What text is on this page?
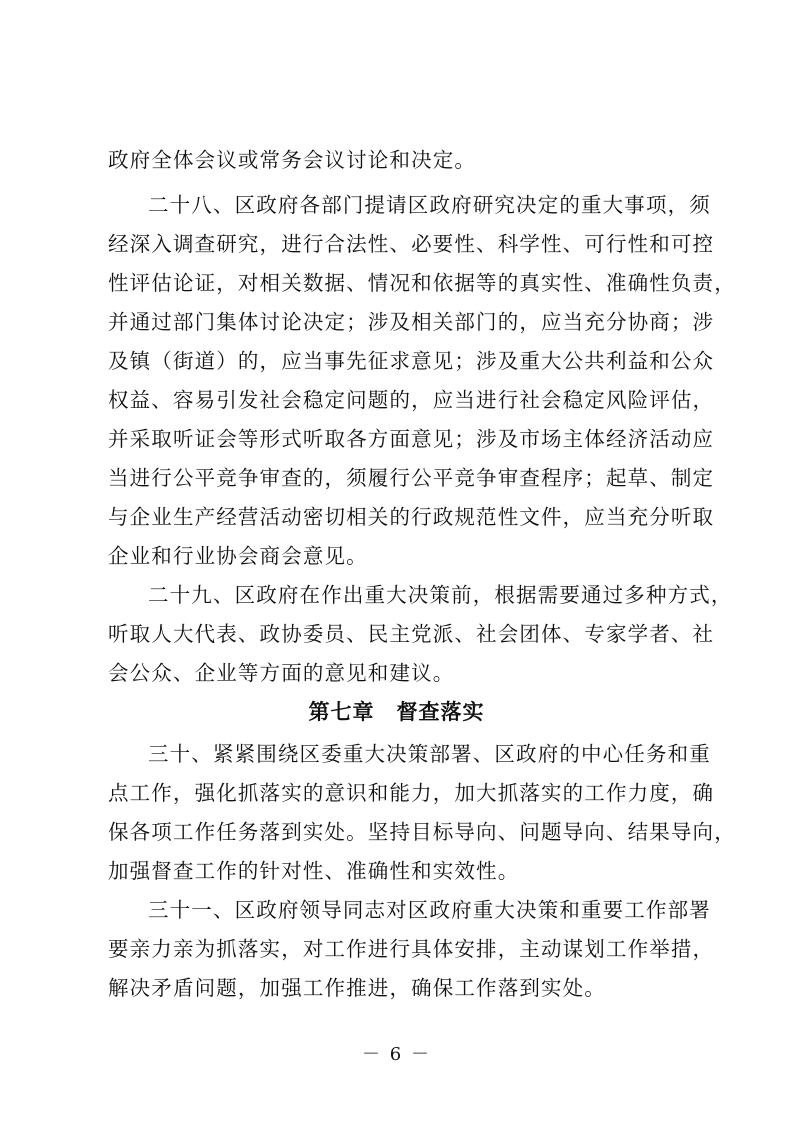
政府全体会议或常务会议讨论和决定。
二十八、区政府各部门提请区政府研究决定的重大事项，须
经深入调查研究，进行合法性、必要性、科学性、可行性和可控
性评估论证，对相关数据、情况和依据等的真实性、准确性负责，
并通过部门集体讨论决定；涉及相关部门的，应当充分协商；涉
及镇（街道）的，应当事先征求意见；涉及重大公共利益和公众
权益、容易引发社会稳定问题的，应当进行社会稳定风险评估，
并采取听证会等形式听取各方面意见；涉及市场主体经济活动应
当进行公平竞争审查的，须履行公平竞争审查程序；起草、制定
与企业生产经营活动密切相关的行政规范性文件，应当充分听取
企业和行业协会商会意见。
二十九、区政府在作出重大决策前，根据需要通过多种方式，
听取人大代表、政协委员、民主党派、社会团体、专家学者、社
会公众、企业等方面的意见和建议。
第七章　督查落实
三十、紧紧围绕区委重大决策部署、区政府的中心任务和重
点工作，强化抓落实的意识和能力，加大抓落实的工作力度，确
保各项工作任务落到实处。坚持目标导向、问题导向、结果导向，
加强督查工作的针对性、准确性和实效性。
三十一、区政府领导同志对区政府重大决策和重要工作部署
要亲力亲为抓落实，对工作进行具体安排，主动谋划工作举措，
解决矛盾问题，加强工作推进，确保工作落到实处。
－ 6 －
